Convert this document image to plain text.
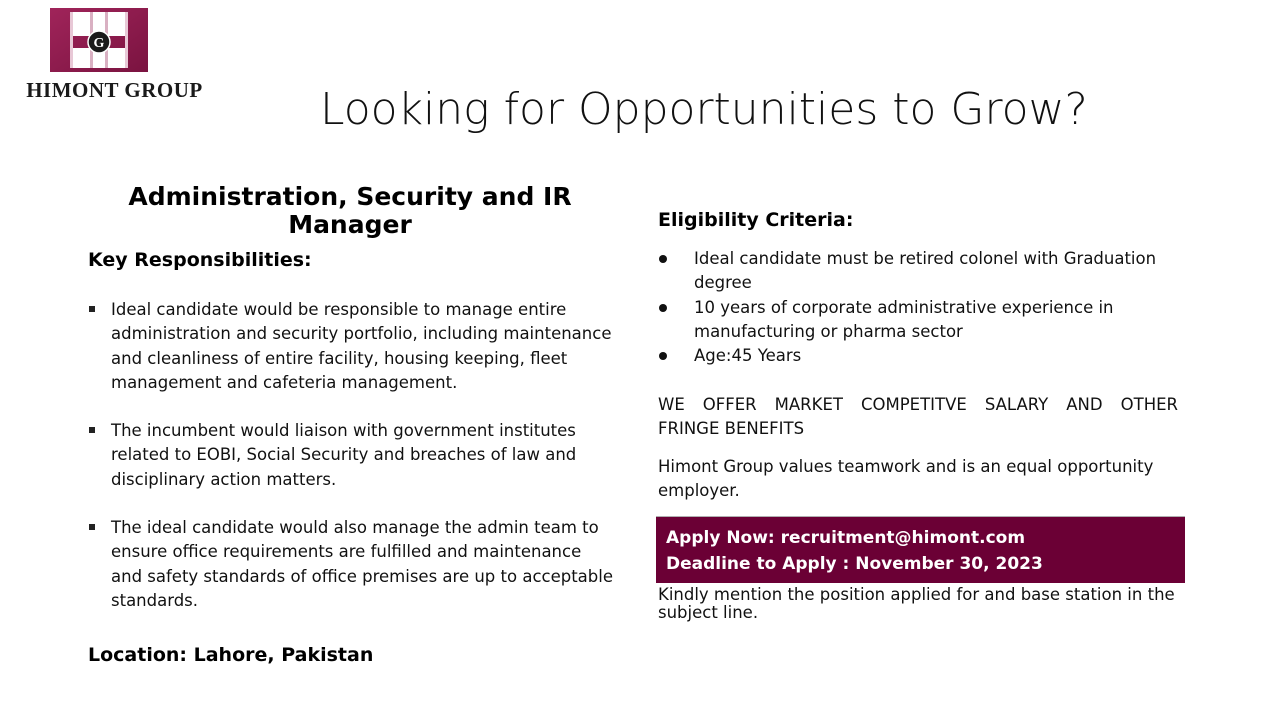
G
HIMONT GROUP	Looking for Opportunities to Grow?
Administration, Security and IR Manager
Key Responsibilities:
Ideal candidate would be responsible to manage entire administration and security portfolio, including maintenance and cleanliness of entire facility, housing keeping, fleet management and cafeteria management.
The incumbent would liaison with government institutes related to EOBI, Social Security and breaches of law and disciplinary action matters.
The ideal candidate would also manage the admin team to ensure office requirements are fulfilled and maintenance and safety standards of office premises are up to acceptable standards.
Location: Lahore, Pakistan
Eligibility Criteria:
Ideal candidate must be retired colonel with Graduation degree
10 years of corporate administrative experience in manufacturing or pharma sector
Age:45 Years
WE OFFER MARKET COMPETITVE SALARY AND OTHER
FRINGE BENEFITS
Himont Group values teamwork and is an equal opportunity employer.
Apply Now: recruitment@himont.com
Deadline to Apply : November 30, 2023
Kindly mention the position applied for and base station in the subject line.
